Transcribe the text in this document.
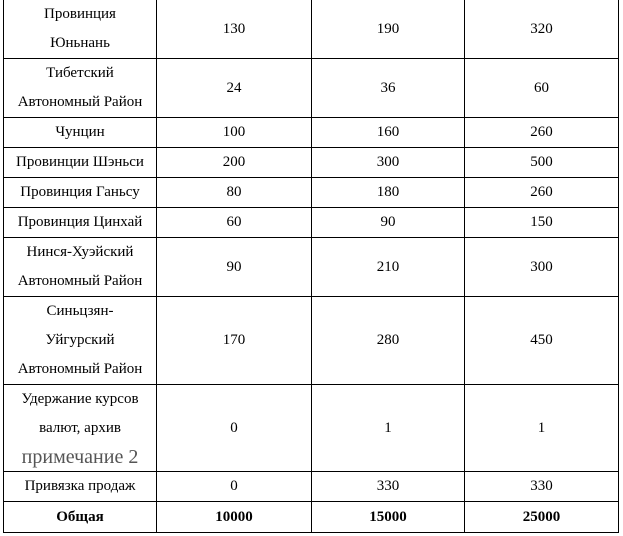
Провинция
Юньнань	130	190	320

Тибетский
Автономный Район	24	36	60

Чунцин	100	160	260

Провинции Шэньси	200	300	500

Провинция Ганьсу	80	180	260

Провинция Цинхай	60	90	150

Нинся-Хуэйский
Автономный Район	90	210	300

Синьцзян-
Уйгурский
Автономный Район	170	280	450

Удержание курсов
валют, архив
примечание 2	0	1	1

Привязка продаж	0	330	330
Общая	10000	15000	25000
